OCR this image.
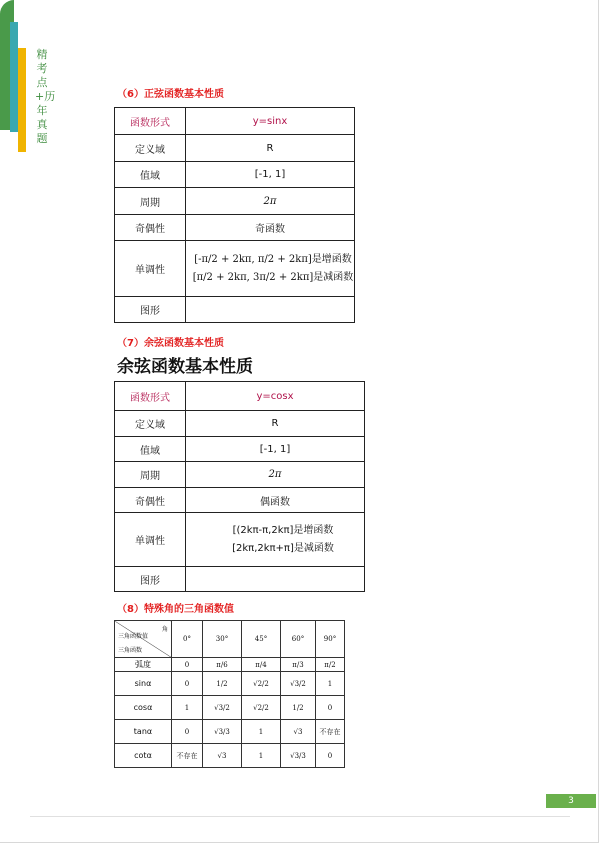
精考点+历年真题
（6）正弦函数基本性质
函数形式	y=sinx
定义域	R
值域	[-1, 1]
周期	2π
奇偶性	奇函数
单调性	[-π/2 + 2kπ, π/2 + 2kπ]是增函数
[π/2 + 2kπ, 3π/2 + 2kπ]是减函数

图形	
（7）余弦函数基本性质
余弦函数基本性质
函数形式	y=cosx
定义域	R
值域	[-1, 1]
周期	2π
奇偶性	偶函数
单调性	[(2kπ-π,2kπ]是增函数
[2kπ,2kπ+π]是减函数

图形	
（8）特殊角的三角函数值
角
三角函数值
三角函数	0°	30°	45°	60°	90°
弧度	0	π/6	π/4	π/3	π/2
sinα	0	1/2	√2/2	√3/2	1
cosα	1	√3/2	√2/2	1/2	0
tanα	0	√3/3	1	√3	不存在
cotα	不存在	√3	1	√3/3	0
3
